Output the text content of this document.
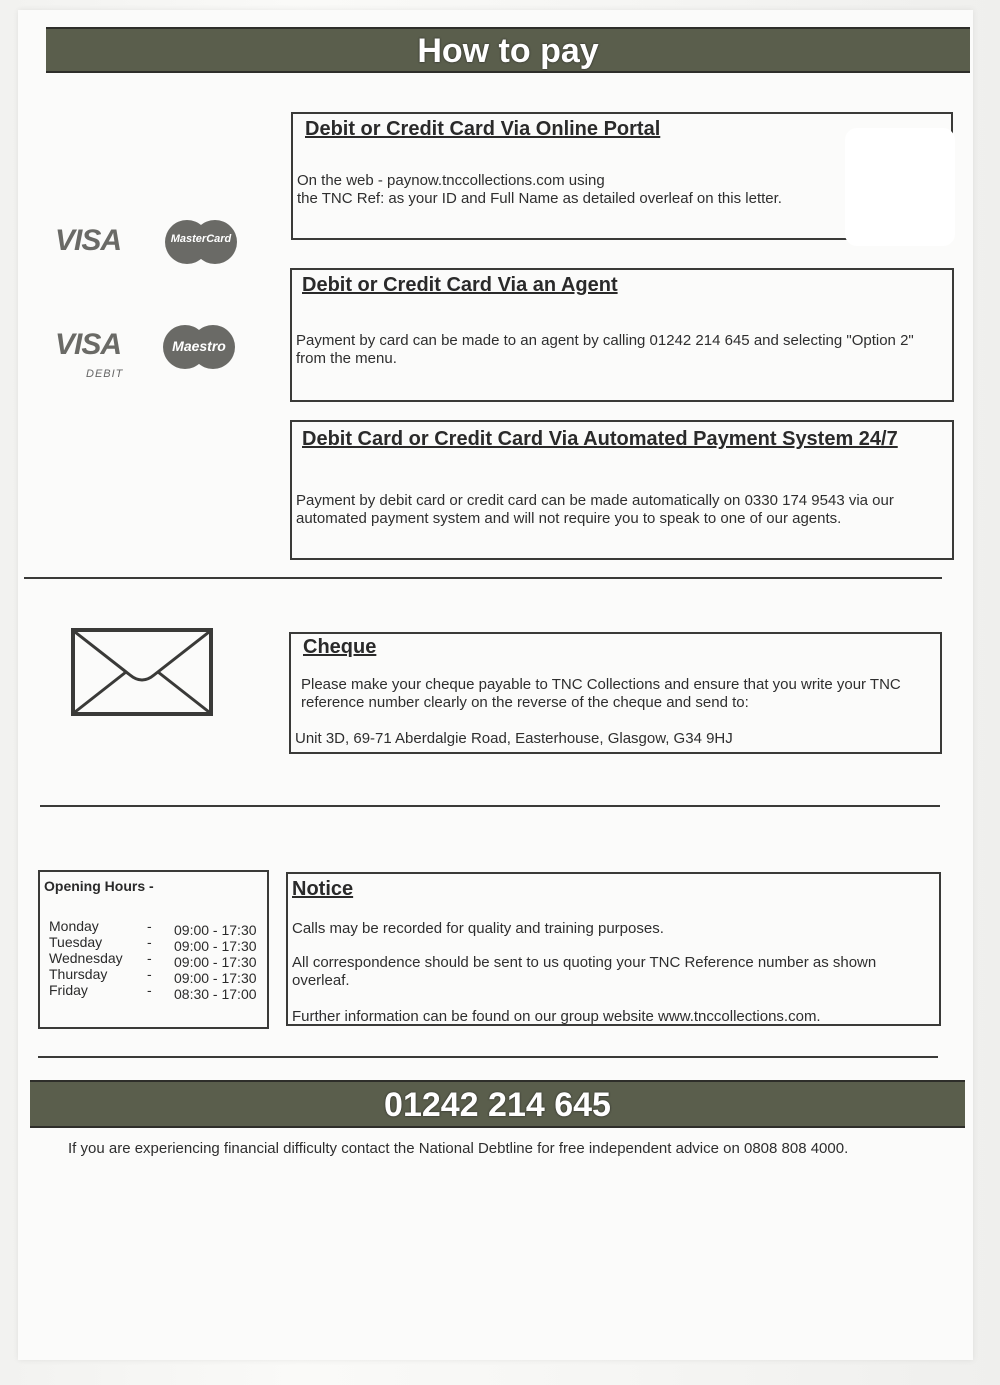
How to pay
VISA	MasterCard
VISA
DEBIT
Maestro
Debit or Credit Card Via Online Portal

On the web - paynow.tnccollections.com using

the TNC Ref: as your ID and Full Name as detailed overleaf on this letter.

Debit or Credit Card Via an Agent

Payment by card can be made to an agent by calling 01242 214 645 and selecting "Option 2" from the menu.

Debit Card or Credit Card Via Automated Payment System 24/7

Payment by debit card or credit card can be made automatically on 0330 174 9543 via our automated payment system and will not require you to speak to one of our agents.

Cheque

Please make your cheque payable to TNC Collections and ensure that you write your TNC reference number clearly on the reverse of the cheque and send to:

Unit 3D, 69-71 Aberdalgie Road, Easterhouse, Glasgow, G34 9HJ

Opening Hours -
Monday	- 09:00 - 17:30
Tuesday	- 09:00 - 17:30
Wednesday - 09:00 - 17:30
Thursday	- 09:00 - 17:30
Friday	- 08:30 - 17:00
Notice

Calls may be recorded for quality and training purposes.

All correspondence should be sent to us quoting your TNC Reference number as shown overleaf.

Further information can be found on our group website www.tnccollections.com.

01242 214 645
If you are experiencing financial difficulty contact the National Debtline for free independent advice on 0808 808 4000.
